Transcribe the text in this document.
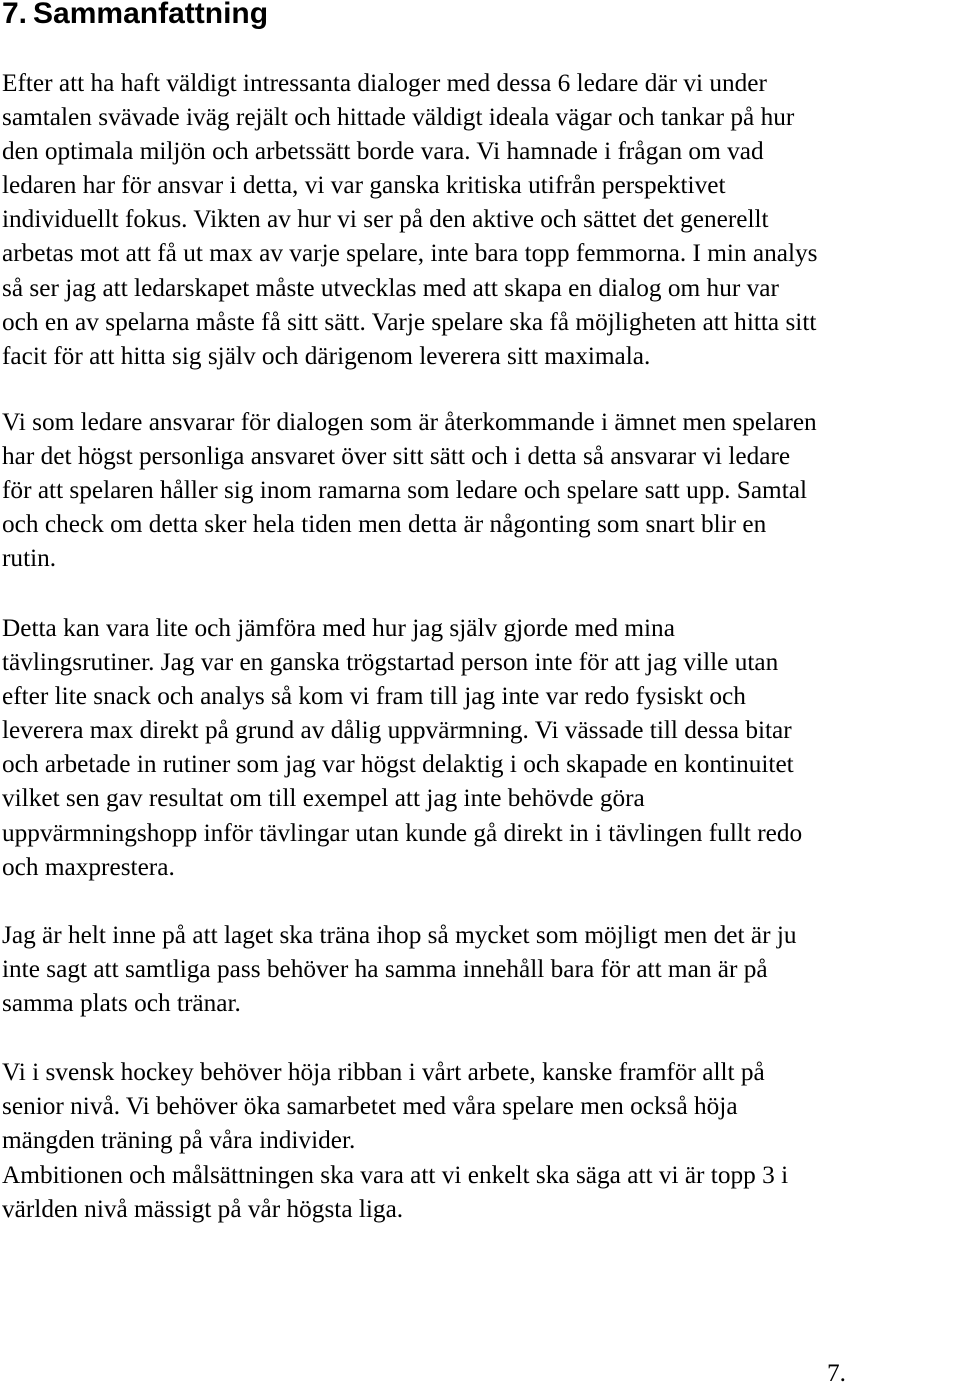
7. Sammanfattning
Efter att ha haft väldigt intressanta dialoger med dessa 6 ledare där vi under
samtalen svävade iväg rejält och hittade väldigt ideala vägar och tankar på hur
den optimala miljön och arbetssätt borde vara. Vi hamnade i frågan om vad
ledaren har för ansvar i detta, vi var ganska kritiska utifrån perspektivet
individuellt fokus. Vikten av hur vi ser på den aktive och sättet det generellt
arbetas mot att få ut max av varje spelare, inte bara topp femmorna. I min analys
så ser jag att ledarskapet måste utvecklas med att skapa en dialog om hur var
och en av spelarna måste få sitt sätt. Varje spelare ska få möjligheten att hitta sitt
facit för att hitta sig själv och därigenom leverera sitt maximala.
Vi som ledare ansvarar för dialogen som är återkommande i ämnet men spelaren
har det högst personliga ansvaret över sitt sätt och i detta så ansvarar vi ledare
för att spelaren håller sig inom ramarna som ledare och spelare satt upp. Samtal
och check om detta sker hela tiden men detta är någonting som snart blir en
rutin.
Detta kan vara lite och jämföra med hur jag själv gjorde med mina
tävlingsrutiner. Jag var en ganska trögstartad person inte för att jag ville utan
efter lite snack och analys så kom vi fram till jag inte var redo fysiskt och
leverera max direkt på grund av dålig uppvärmning. Vi vässade till dessa bitar
och arbetade in rutiner som jag var högst delaktig i och skapade en kontinuitet
vilket sen gav resultat om till exempel att jag inte behövde göra
uppvärmningshopp inför tävlingar utan kunde gå direkt in i tävlingen fullt redo
och maxprestera.
Jag är helt inne på att laget ska träna ihop så mycket som möjligt men det är ju
inte sagt att samtliga pass behöver ha samma innehåll bara för att man är på
samma plats och tränar.
Vi i svensk hockey behöver höja ribban i vårt arbete, kanske framför allt på
senior nivå. Vi behöver öka samarbetet med våra spelare men också höja
mängden träning på våra individer.
Ambitionen och målsättningen ska vara att vi enkelt ska säga att vi är topp 3 i
världen nivå mässigt på vår högsta liga.
7.
